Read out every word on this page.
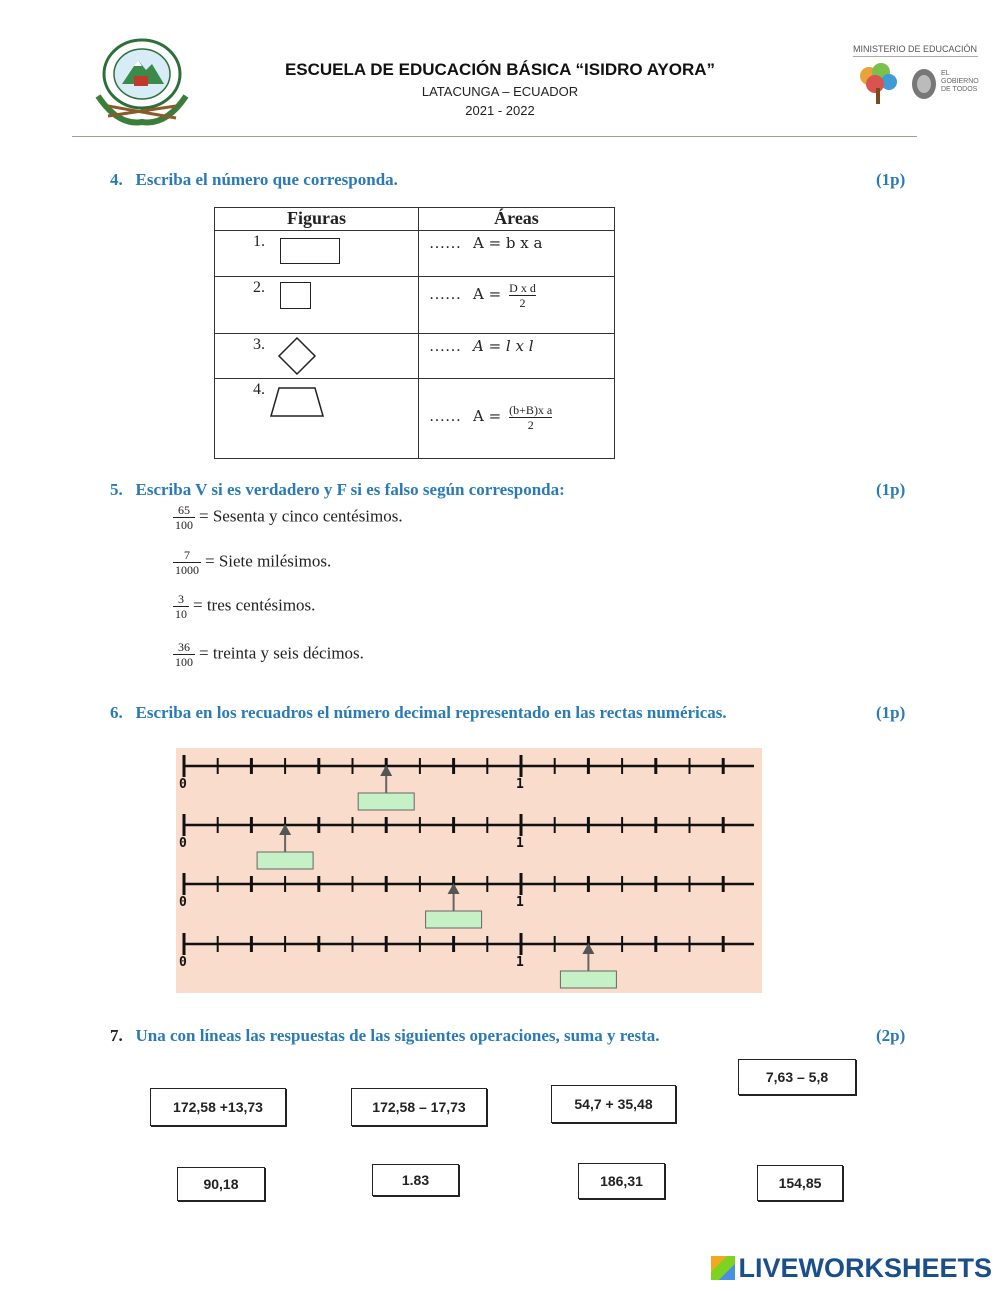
ESCUELA DE EDUCACIÓN BÁSICA “ISIDRO AYORA”
LATACUNGA – ECUADOR
2021 - 2022
MINISTERIO DE EDUCACIÓN
EL
GOBIERNO
DE TODOS
4. Escriba el número que corresponda.	(1p)
Figuras	Áreas

1.	…… A = b x a

2.	…… $A = \frac{\text{D x d}}{2}$

3.	…… A = l x l

4.	…… $A = \frac{\text{(b+B)x a}}{2}$
5. Escriba V si es verdadero y F si es falso según corresponda:	(1p)
$\frac{65}{100}$ = Sesenta y cinco centésimos.
$\frac{7}{1000}$ = Siete milésimos.
$\frac{3}{10}$ = tres centésimos.
$\frac{36}{100}$ = treinta y seis décimos.
6. Escriba en los recuadros el número decimal representado en las rectas numéricas.	(1p)
0	1
0	1
0	1
0	1
7. Una con líneas las respuestas de las siguientes operaciones, suma y resta.	(2p)
172,58 +13,73	172,58 – 17,73	54,7 + 35,48
7,63 – 5,8
90,18	1.83	186,31	154,85
LIVEWORKSHEETS
